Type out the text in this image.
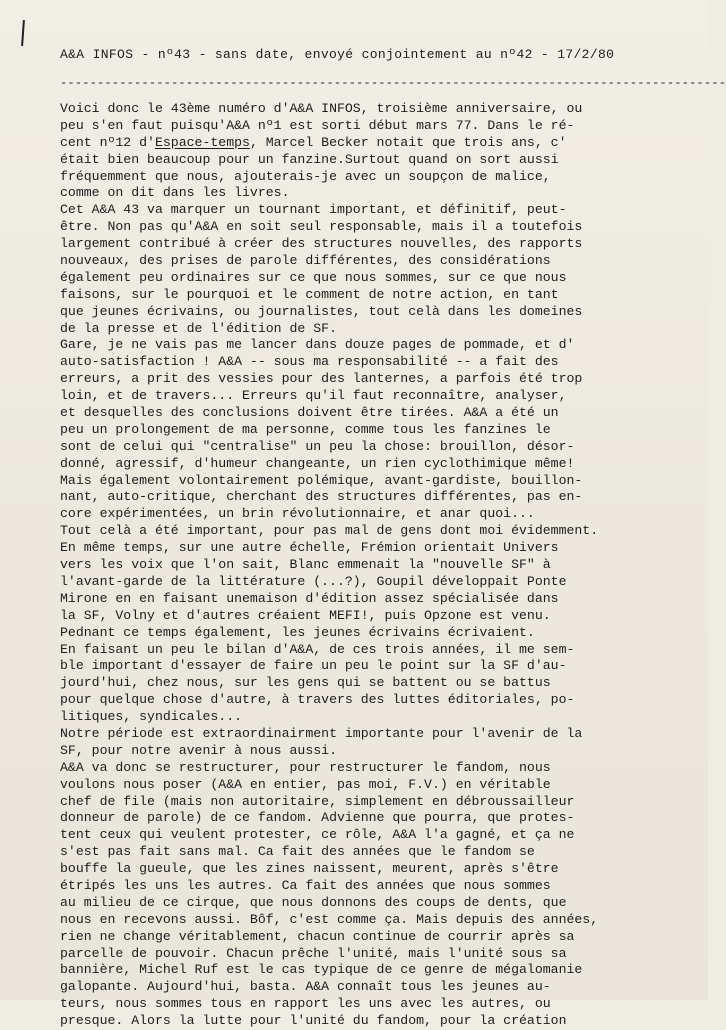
A&A INFOS - nº43 - sans date, envoyé conjointement au nº42 - 17/2/80
------------------------------------------------------------------------------------------
Voici donc le 43ème numéro d'A&A INFOS, troisième anniversaire, ou
peu s'en faut puisqu'A&A nº1 est sorti début mars 77. Dans le ré-
cent nº12 d'Espace-temps, Marcel Becker notait que trois ans, c'
était bien beaucoup pour un fanzine.Surtout quand on sort aussi
fréquemment que nous, ajouterais-je avec un soupçon de malice,
comme on dit dans les livres.
Cet A&A 43 va marquer un tournant important, et définitif, peut-
être. Non pas qu'A&A en soit seul responsable, mais il a toutefois
largement contribué à créer des structures nouvelles, des rapports
nouveaux, des prises de parole différentes, des considérations
également peu ordinaires sur ce que nous sommes, sur ce que nous
faisons, sur le pourquoi et le comment de notre action, en tant
que jeunes écrivains, ou journalistes, tout celà dans les domeines
de la presse et de l'édition de SF.
Gare, je ne vais pas me lancer dans douze pages de pommade, et d'
auto-satisfaction ! A&A -- sous ma responsabilité -- a fait des
erreurs, a prit des vessies pour des lanternes, a parfois été trop
loin, et de travers... Erreurs qu'il faut reconnaître, analyser,
et desquelles des conclusions doivent être tirées. A&A a été un
peu un prolongement de ma personne, comme tous les fanzines le
sont de celui qui "centralise" un peu la chose: brouillon, désor-
donné, agressif, d'humeur changeante, un rien cyclothimique même!
Mais également volontairement polémique, avant-gardiste, bouillon-
nant, auto-critique, cherchant des structures différentes, pas en-
core expérimentées, un brin révolutionnaire, et anar quoi...
Tout celà a été important, pour pas mal de gens dont moi évidemment.
En même temps, sur une autre échelle, Frémion orientait Univers
vers les voix que l'on sait, Blanc emmenait la "nouvelle SF" à
l'avant-garde de la littérature (...?), Goupil développait Ponte
Mirone en en faisant unemaison d'édition assez spécialisée dans
la SF, Volny et d'autres créaient MEFI!, puis Opzone est venu.
Pednant ce temps également, les jeunes écrivains écrivaient.
En faisant un peu le bilan d'A&A, de ces trois années, il me sem-
ble important d'essayer de faire un peu le point sur la SF d'au-
jourd'hui, chez nous, sur les gens qui se battent ou se battus
pour quelque chose d'autre, à travers des luttes éditoriales, po-
litiques, syndicales...
Notre période est extraordinairment importante pour l'avenir de la
SF, pour notre avenir à nous aussi.
A&A va donc se restructurer, pour restructurer le fandom, nous
voulons nous poser (A&A en entier, pas moi, F.V.) en véritable
chef de file (mais non autoritaire, simplement en débroussailleur
donneur de parole) de ce fandom. Advienne que pourra, que protes-
tent ceux qui veulent protester, ce rôle, A&A l'a gagné, et ça ne
s'est pas fait sans mal. Ca fait des années que le fandom se
bouffe la gueule, que les zines naissent, meurent, après s'être
étripés les uns les autres. Ca fait des années que nous sommes
au milieu de ce cirque, que nous donnons des coups de dents, que
nous en recevons aussi. Bôf, c'est comme ça. Mais depuis des années,
rien ne change véritablement, chacun continue de courrir après sa
parcelle de pouvoir. Chacun prêche l'unité, mais l'unité sous sa
bannière, Michel Ruf est le cas typique de ce genre de mégalomanie
galopante. Aujourd'hui, basta. A&A connaît tous les jeunes au-
teurs, nous sommes tous en rapport les uns avec les autres, ou
presque. Alors la lutte pour l'unité du fandom, pour la création
